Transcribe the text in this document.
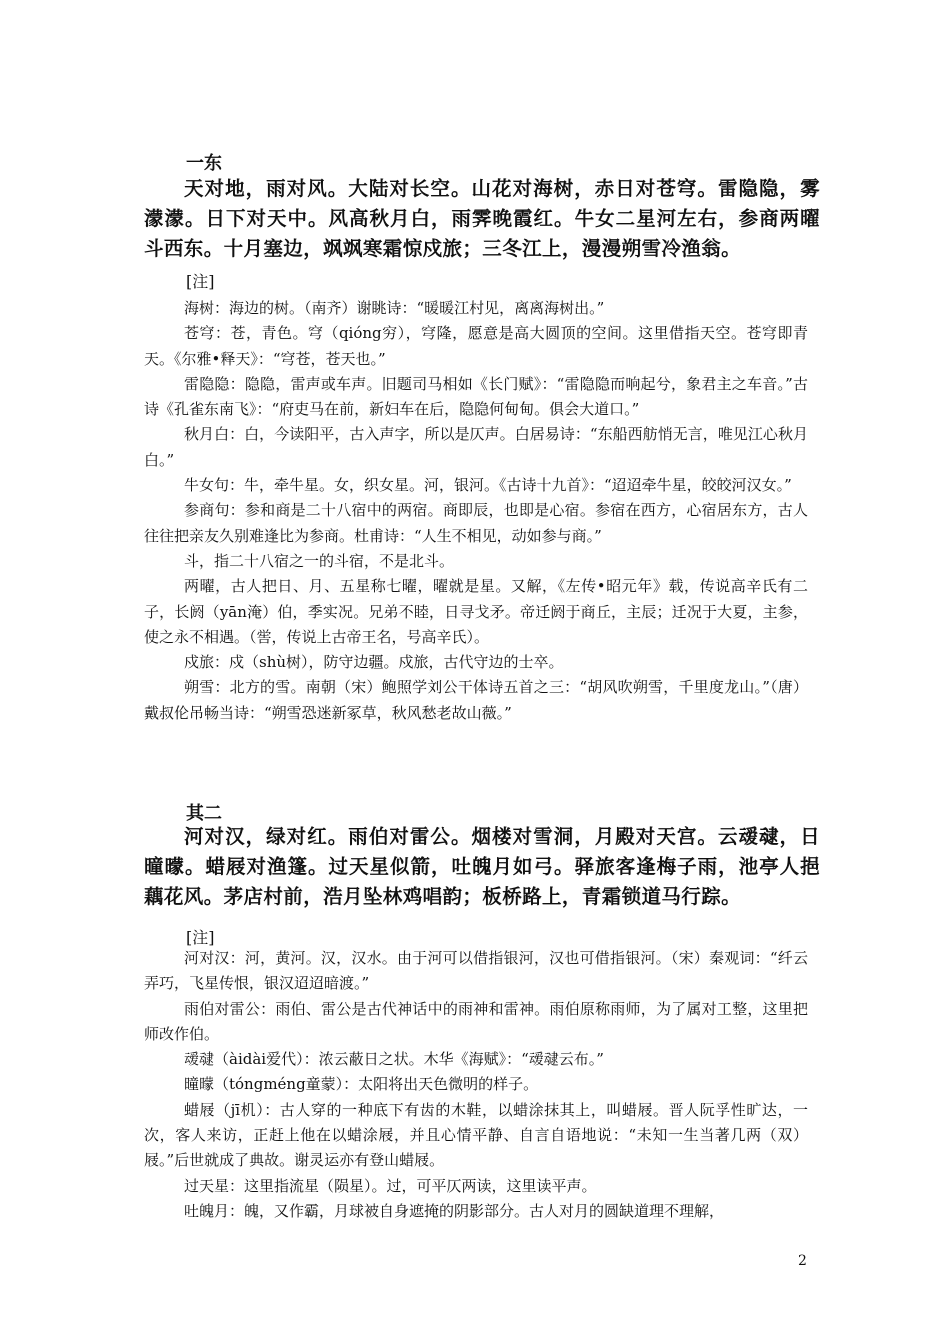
一东
天对地，雨对风。大陆对长空。山花对海树，赤日对苍穹。雷隐隐，雾濛濛。日下对天中。风高秋月白，雨霁晚霞红。牛女二星河左右，参商两曜斗西东。十月塞边，飒飒寒霜惊戍旅；三冬江上，漫漫朔雪冷渔翁。
[注]

海树：海边的树。（南齐）谢眺诗：“暖暖江村见，离离海树出。”

苍穹：苍，青色。穹（qióng穷），穹隆，愿意是高大圆顶的空间。这里借指天空。苍穹即青天。《尔雅•释天》：“穹苍，苍天也。”

雷隐隐：隐隐，雷声或车声。旧题司马相如《长门赋》：“雷隐隐而响起兮，象君主之车音。”古诗《孔雀东南飞》：“府吏马在前，新妇车在后，隐隐何甸甸。俱会大道口。”

秋月白：白，今读阳平，古入声字，所以是仄声。白居易诗：“东船西舫悄无言，唯见江心秋月白。”

牛女句：牛，牵牛星。女，织女星。河，银河。《古诗十九首》：“迢迢牵牛星，皎皎河汉女。”

参商句：参和商是二十八宿中的两宿。商即辰，也即是心宿。参宿在西方，心宿居东方，古人往往把亲友久别难逢比为参商。杜甫诗：“人生不相见，动如参与商。”

斗，指二十八宿之一的斗宿，不是北斗。

两曜，古人把日、月、五星称七曜，曜就是星。又解，《左传•昭元年》载，传说高辛氏有二子，长阏（yān淹）伯，季实况。兄弟不睦，日寻戈矛。帝迁阏于商丘，主辰；迁况于大夏，主参，使之永不相遇。（喾，传说上古帝王名，号高辛氏）。

戍旅：戍（shù树），防守边疆。戍旅，古代守边的士卒。

朔雪：北方的雪。南朝（宋）鲍照学刘公干体诗五首之三：“胡风吹朔雪，千里度龙山。”（唐）戴叔伦吊畅当诗：“朔雪恐迷新冢草，秋风愁老故山薇。”

其二
河对汉，绿对红。雨伯对雷公。烟楼对雪洞，月殿对天宫。云叆叇，日曈曚。蜡屐对渔篷。过天星似箭，吐魄月如弓。驿旅客逢梅子雨，池亭人挹藕花风。茅店村前，浩月坠林鸡唱韵；板桥路上，青霜锁道马行踪。
[注]

河对汉：河，黄河。汉，汉水。由于河可以借指银河，汉也可借指银河。（宋）秦观词：“纤云弄巧，飞星传恨，银汉迢迢暗渡。”

雨伯对雷公：雨伯、雷公是古代神话中的雨神和雷神。雨伯原称雨师，为了属对工整，这里把师改作伯。

叆叇（àidài爱代）：浓云蔽日之状。木华《海赋》：“叆叇云布。”

曈曚（tóngméng童蒙）：太阳将出天色微明的样子。

蜡屐（jī机）：古人穿的一种底下有齿的木鞋，以蜡涂抹其上，叫蜡屐。晋人阮孚性旷达，一次，客人来访，正赶上他在以蜡涂屐，并且心情平静、自言自语地说：“未知一生当著几两（双）屐。”后世就成了典故。谢灵运亦有登山蜡屐。

过天星：这里指流星（陨星）。过，可平仄两读，这里读平声。

吐魄月：魄，又作霸，月球被自身遮掩的阴影部分。古人对月的圆缺道理不理解，

2
